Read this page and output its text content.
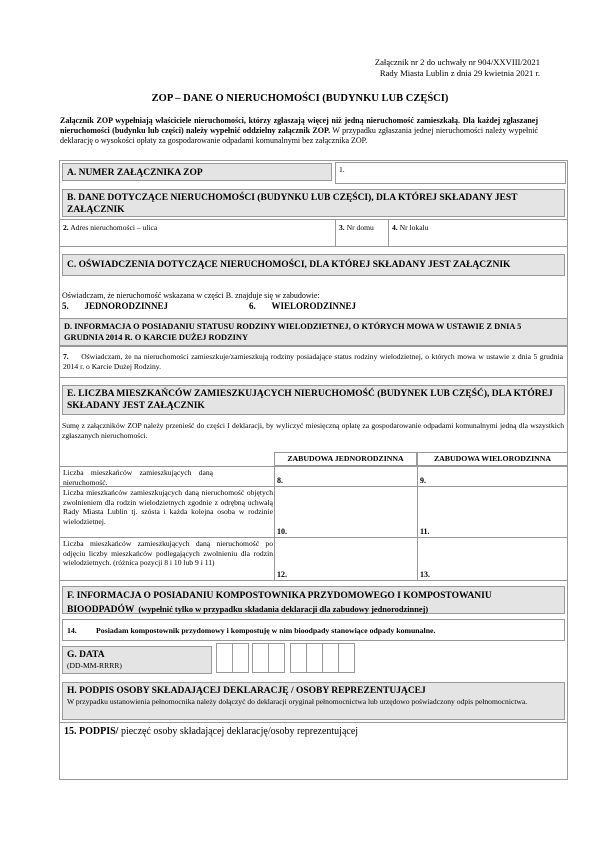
Załącznik nr 2 do uchwały nr 904/XXVIII/2021
Rady Miasta Lublin z dnia 29 kwietnia 2021 r.
ZOP – DANE O NIERUCHOMOŚCI (BUDYNKU LUB CZĘŚCI)
Załącznik ZOP wypełniają właściciele nieruchomości, którzy zgłaszają więcej niż jedną nieruchomość zamieszkałą. Dla każdej zgłaszanej nieruchomości (budynku lub części) należy wypełnić oddzielny załącznik ZOP. W przypadku zgłaszania jednej nieruchomości należy wypełnić deklarację o wysokości opłaty za gospodarowanie odpadami komunalnymi bez załącznika ZOP.
A. NUMER ZAŁĄCZNIKA ZOP	1.
B. DANE DOTYCZĄCE NIERUCHOMOŚCI (BUDYNKU LUB CZĘŚCI), DLA KTÓREJ SKŁADANY JEST ZAŁĄCZNIK
2. Adres nieruchomości – ulica	3. Nr domu 4. Nr lokalu
C. OŚWIADCZENIA DOTYCZĄCE NIERUCHOMOŚCI, DLA KTÓREJ SKŁADANY JEST ZAŁĄCZNIK
Oświadczam, że nieruchomość wskazana w części B. znajduje się w zabudowie:
5. JEDNORODZINNEJ	6. WIELORODZINNEJ
D. INFORMACJA O POSIADANIU STATUSU RODZINY WIELODZIETNEJ, O KTÓRYCH MOWA W USTAWIE Z DNIA 5 GRUDNIA 2014 R. O KARCIE DUŻEJ RODZINY
7. Oświadczam, że na nieruchomości zamieszkuje/zamieszkują rodziny posiadające status rodziny wielodzietnej, o których mowa w ustawie z dnia 5 grudnia 2014 r. o Karcie Dużej Rodziny.
E. LICZBA MIESZKAŃCÓW ZAMIESZKUJĄCYCH NIERUCHOMOŚĆ (BUDYNEK LUB CZĘŚĆ), DLA KTÓREJ SKŁADANY JEST ZAŁĄCZNIK
Sumę z załączników ZOP należy przenieść do części I deklaracji, by wyliczyć miesięczną opłatę za gospodarowanie odpadami komunalnymi jedną dla wszystkich zgłaszanych nieruchomości.
ZABUDOWA JEDNORODZINNA	ZABUDOWA WIELORODZINNA
Liczba mieszkańców zamieszkujących daną nieruchomość.	8.	9.
Liczba mieszkańców zamieszkujących daną nieruchomość objętych zwolnieniem dla rodzin wielodzietnych zgodnie z odrębną uchwałą Rady Miasta Lublin tj. szósta i każda kolejna osoba w rodzinie wielodzietnej.
10.	11.
Liczba mieszkańców zamieszkujących daną nieruchomość po odjęciu liczby mieszkańców podlegających zwolnieniu dla rodzin wielodzietnych. (różnica pozycji 8 i 10 lub 9 i 11)
12.	13.
F. INFORMACJA O POSIADANIU KOMPOSTOWNIKA PRZYDOMOWEGO I KOMPOSTOWANIU BIOODPADÓW (wypełnić tylko w przypadku składania deklaracji dla zabudowy jednorodzinnej)
14. Posiadam kompostownik przydomowy i kompostuję w nim bioodpady stanowiące odpady komunalne.
G. DATA
(DD-MM-RRRR)
H. PODPIS OSOBY SKŁADAJĄCEJ DEKLARACJĘ / OSOBY REPREZENTUJĄCEJ
W przypadku ustanowienia pełnomocnika należy dołączyć do deklaracji oryginał pełnomocnictwa lub urzędowo poświadczony odpis pełnomocnictwa.
15. PODPIS/ pieczęć osoby składającej deklarację/osoby reprezentującej
